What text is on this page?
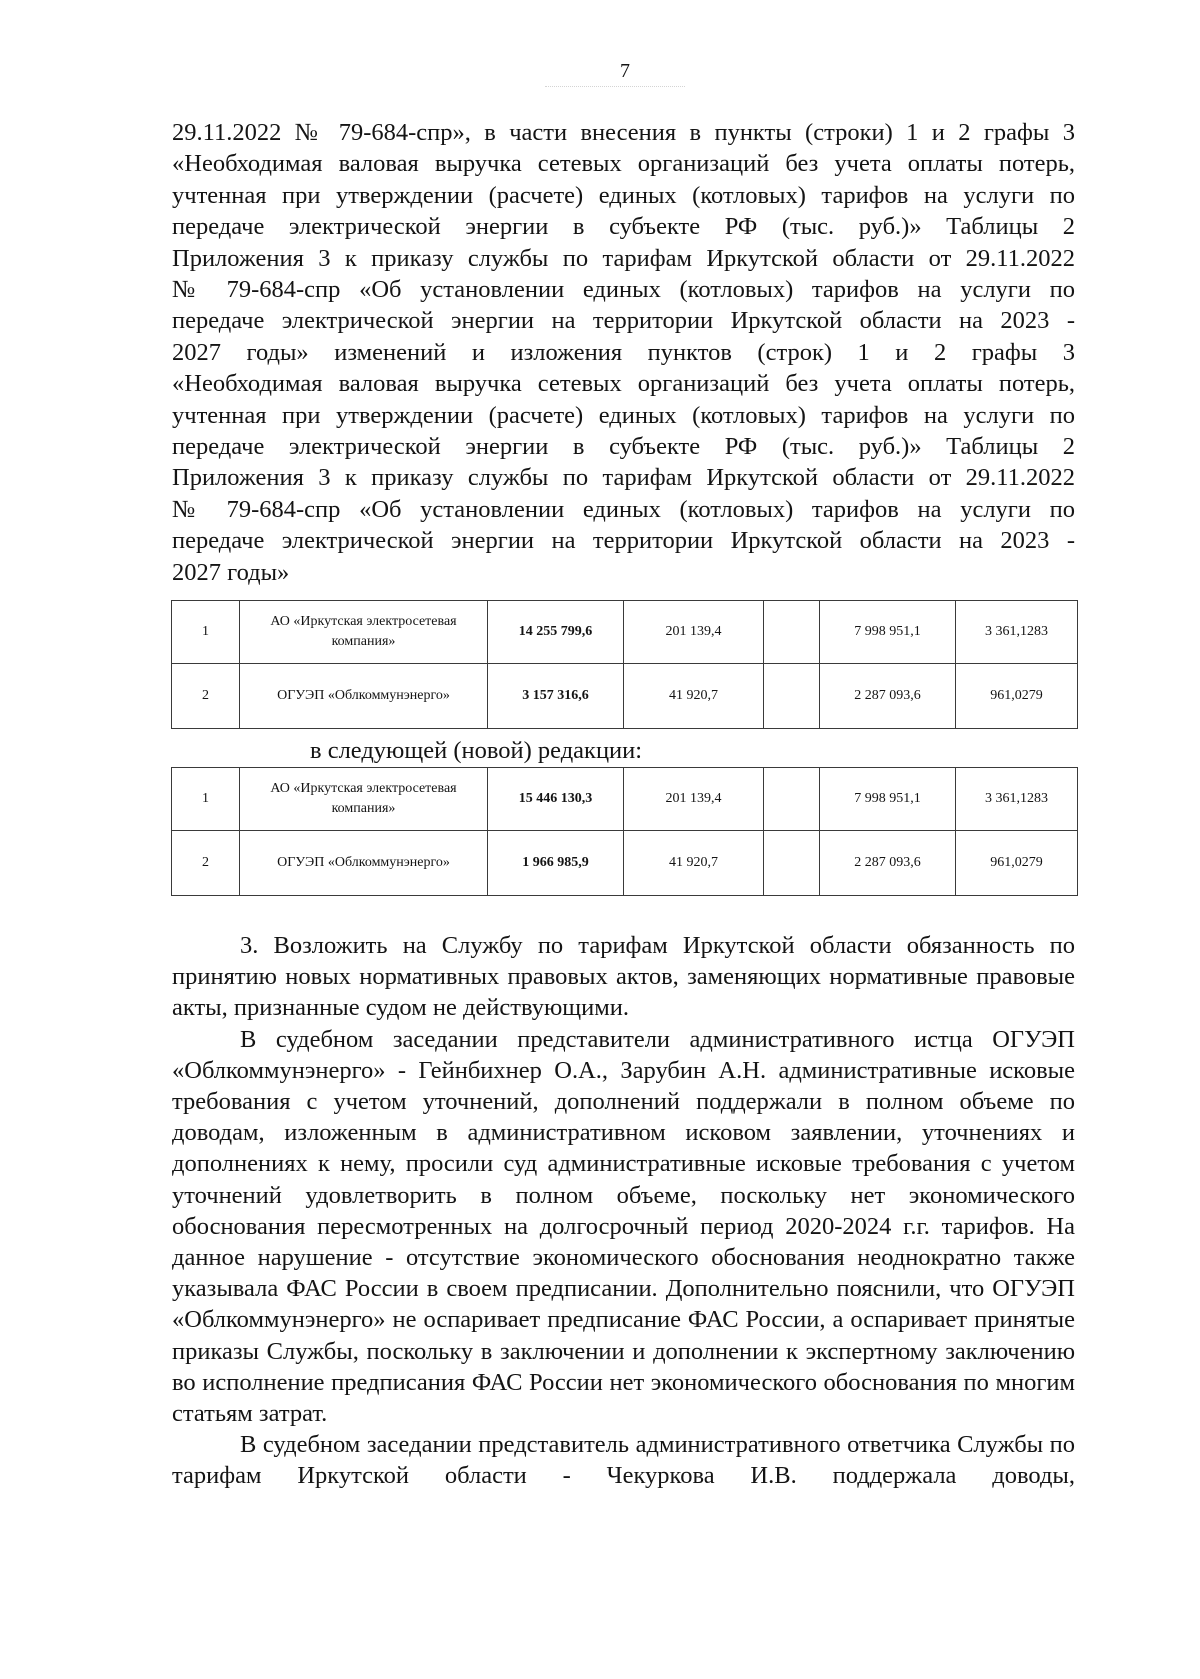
7

29.11.2022 № 79-684-спр», в части внесения в пункты (строки) 1 и 2 графы 3

«Необходимая валовая выручка сетевых организаций без учета оплаты потерь,

учтенная при утверждении (расчете) единых (котловых) тарифов на услуги по

передаче электрической энергии в субъекте РФ (тыс. руб.)» Таблицы 2

Приложения 3 к приказу службы по тарифам Иркутской области от 29.11.2022

№ 79-684-спр «Об установлении единых (котловых) тарифов на услуги по

передаче электрической энергии на территории Иркутской области на 2023 -

2027 годы» изменений и изложения пунктов (строк) 1 и 2 графы 3

«Необходимая валовая выручка сетевых организаций без учета оплаты потерь,

учтенная при утверждении (расчете) единых (котловых) тарифов на услуги по

передаче электрической энергии в субъекте РФ (тыс. руб.)» Таблицы 2

Приложения 3 к приказу службы по тарифам Иркутской области от 29.11.2022

№ 79-684-спр «Об установлении единых (котловых) тарифов на услуги по

передаче электрической энергии на территории Иркутской области на 2023 -

2027 годы»

1	АО «Иркутская электросетевая компания»	14 255 799,6	201 139,4		7 998 951,1	3 361,1283
2	ОГУЭП «Облкоммунэнерго»	3 157 316,6	41 920,7		2 287 093,6	961,0279
в следующей (новой) редакции:
1	АО «Иркутская электросетевая компания»	15 446 130,3	201 139,4		7 998 951,1	3 361,1283
2	ОГУЭП «Облкоммунэнерго»	1 966 985,9	41 920,7		2 287 093,6	961,0279

3. Возложить на Службу по тарифам Иркутской области обязанность по принятию новых нормативных правовых актов, заменяющих нормативные правовые акты, признанные судом не действующими.

В судебном заседании представители административного истца ОГУЭП «Облкоммунэнерго» - Гейнбихнер О.А., Зарубин А.Н. административные исковые требования с учетом уточнений, дополнений поддержали в полном объеме по доводам, изложенным в административном исковом заявлении, уточнениях и дополнениях к нему, просили суд административные исковые требования с учетом уточнений удовлетворить в полном объеме, поскольку нет экономического обоснования пересмотренных на долгосрочный период 2020-2024 г.г. тарифов. На данное нарушение - отсутствие экономического обоснования неоднократно также указывала ФАС России в своем предписании. Дополнительно пояснили, что ОГУЭП «Облкоммунэнерго» не оспаривает предписание ФАС России, а оспаривает принятые приказы Службы, поскольку в заключении и дополнении к экспертному заключению во исполнение предписания ФАС России нет экономического обоснования по многим статьям затрат.

В судебном заседании представитель административного ответчика Службы по тарифам Иркутской области - Чекуркова И.В. поддержала доводы,
